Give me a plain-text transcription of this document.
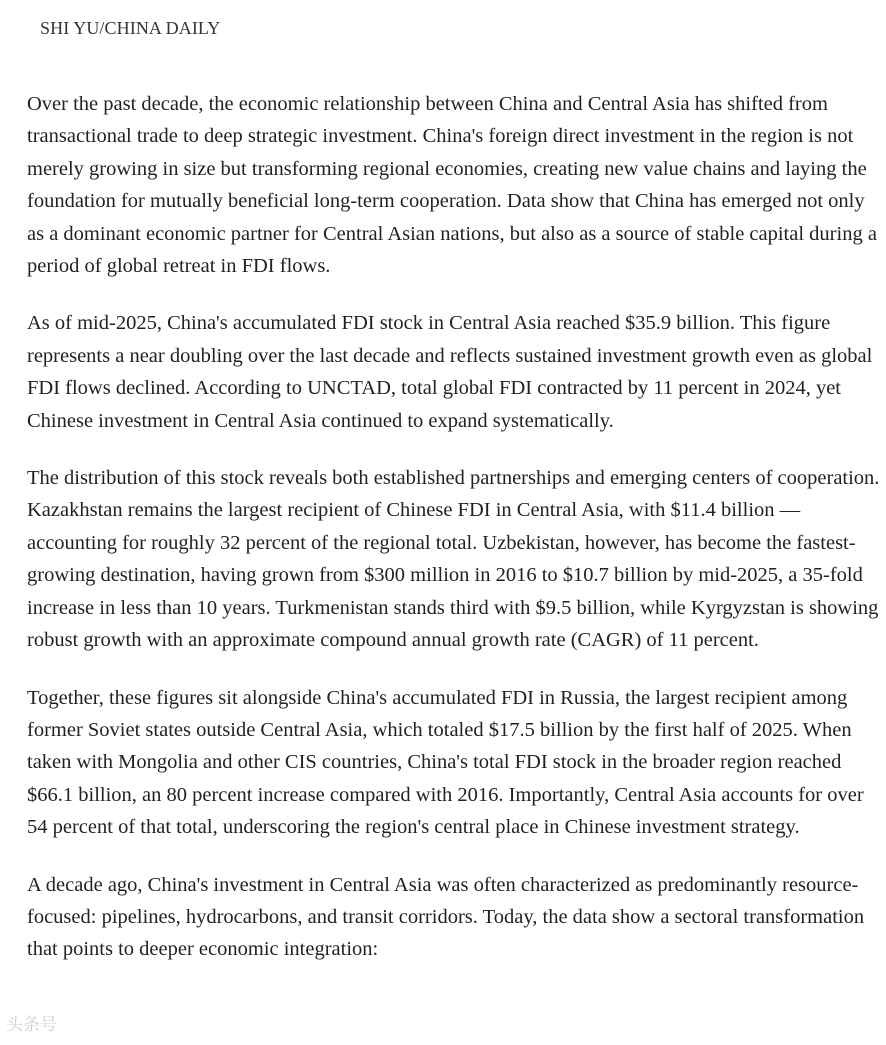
SHI YU/CHINA DAILY

Over the past decade, the economic relationship between China and Central Asia has shifted from transactional trade to deep strategic investment. China's foreign direct investment in the region is not merely growing in size but transforming regional economies, creating new value chains and laying the foundation for mutually beneficial long-term cooperation. Data show that China has emerged not only as a dominant economic partner for Central Asian nations, but also as a source of stable capital during a period of global retreat in FDI flows.

As of mid-2025, China's accumulated FDI stock in Central Asia reached $35.9 billion. This figure represents a near doubling over the last decade and reflects sustained investment growth even as global FDI flows declined. According to UNCTAD, total global FDI contracted by 11 percent in 2024, yet Chinese investment in Central Asia continued to expand systematically.

The distribution of this stock reveals both established partnerships and emerging centers of cooperation. Kazakhstan remains the largest recipient of Chinese FDI in Central Asia, with $11.4 billion — accounting for roughly 32 percent of the regional total. Uzbekistan, however, has become the fastest-growing destination, having grown from $300 million in 2016 to $10.7 billion by mid-2025, a 35-fold increase in less than 10 years. Turkmenistan stands third with $9.5 billion, while Kyrgyzstan is showing robust growth with an approximate compound annual growth rate (CAGR) of 11 percent.

Together, these figures sit alongside China's accumulated FDI in Russia, the largest recipient among former Soviet states outside Central Asia, which totaled $17.5 billion by the first half of 2025. When taken with Mongolia and other CIS countries, China's total FDI stock in the broader region reached $66.1 billion, an 80 percent increase compared with 2016. Importantly, Central Asia accounts for over 54 percent of that total, underscoring the region's central place in Chinese investment strategy.

A decade ago, China's investment in Central Asia was often characterized as predominantly resource-focused: pipelines, hydrocarbons, and transit corridors. Today, the data show a sectoral transformation that points to deeper economic integration:

头条号
